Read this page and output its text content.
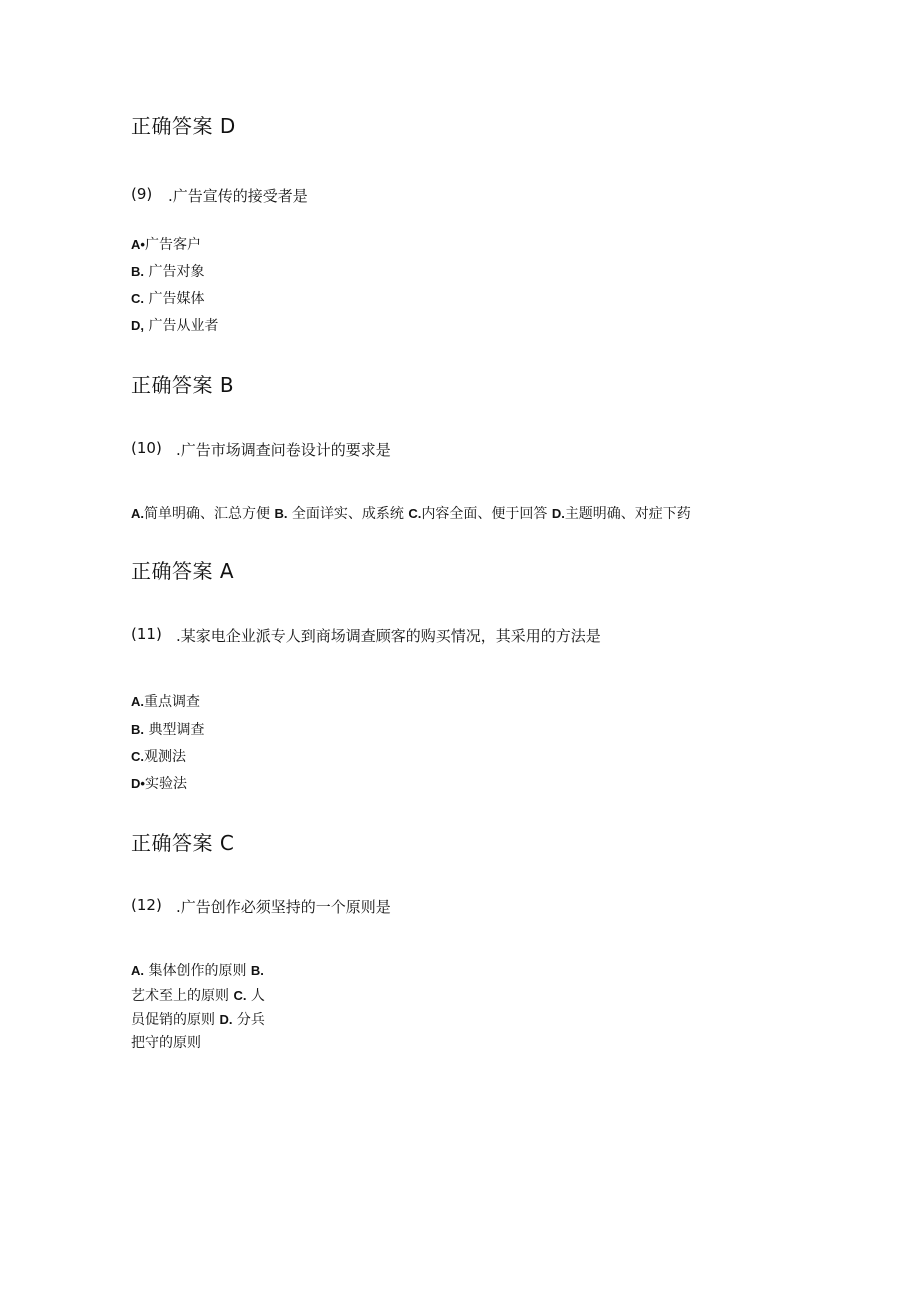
正确答案 D
(9) .广告宣传的接受者是
A•广告客户
B. 广告对象
C. 广告媒体
D, 广告从业者
正确答案 B
(10) .广告市场调查问卷设计的要求是
A.简单明确、汇总方便 B. 全面详实、成系统 C.内容全面、便于回答 D.主题明确、对症下药
正确答案 A
(11) .某家电企业派专人到商场调查顾客的购买情况，其采用的方法是
A.重点调查
B. 典型调查
C.观测法
D•实验法
正确答案 C
(12) .广告创作必须坚持的一个原则是
A. 集体创作的原则 B.
艺术至上的原则 C. 人
员促销的原则 D. 分兵
把守的原则
